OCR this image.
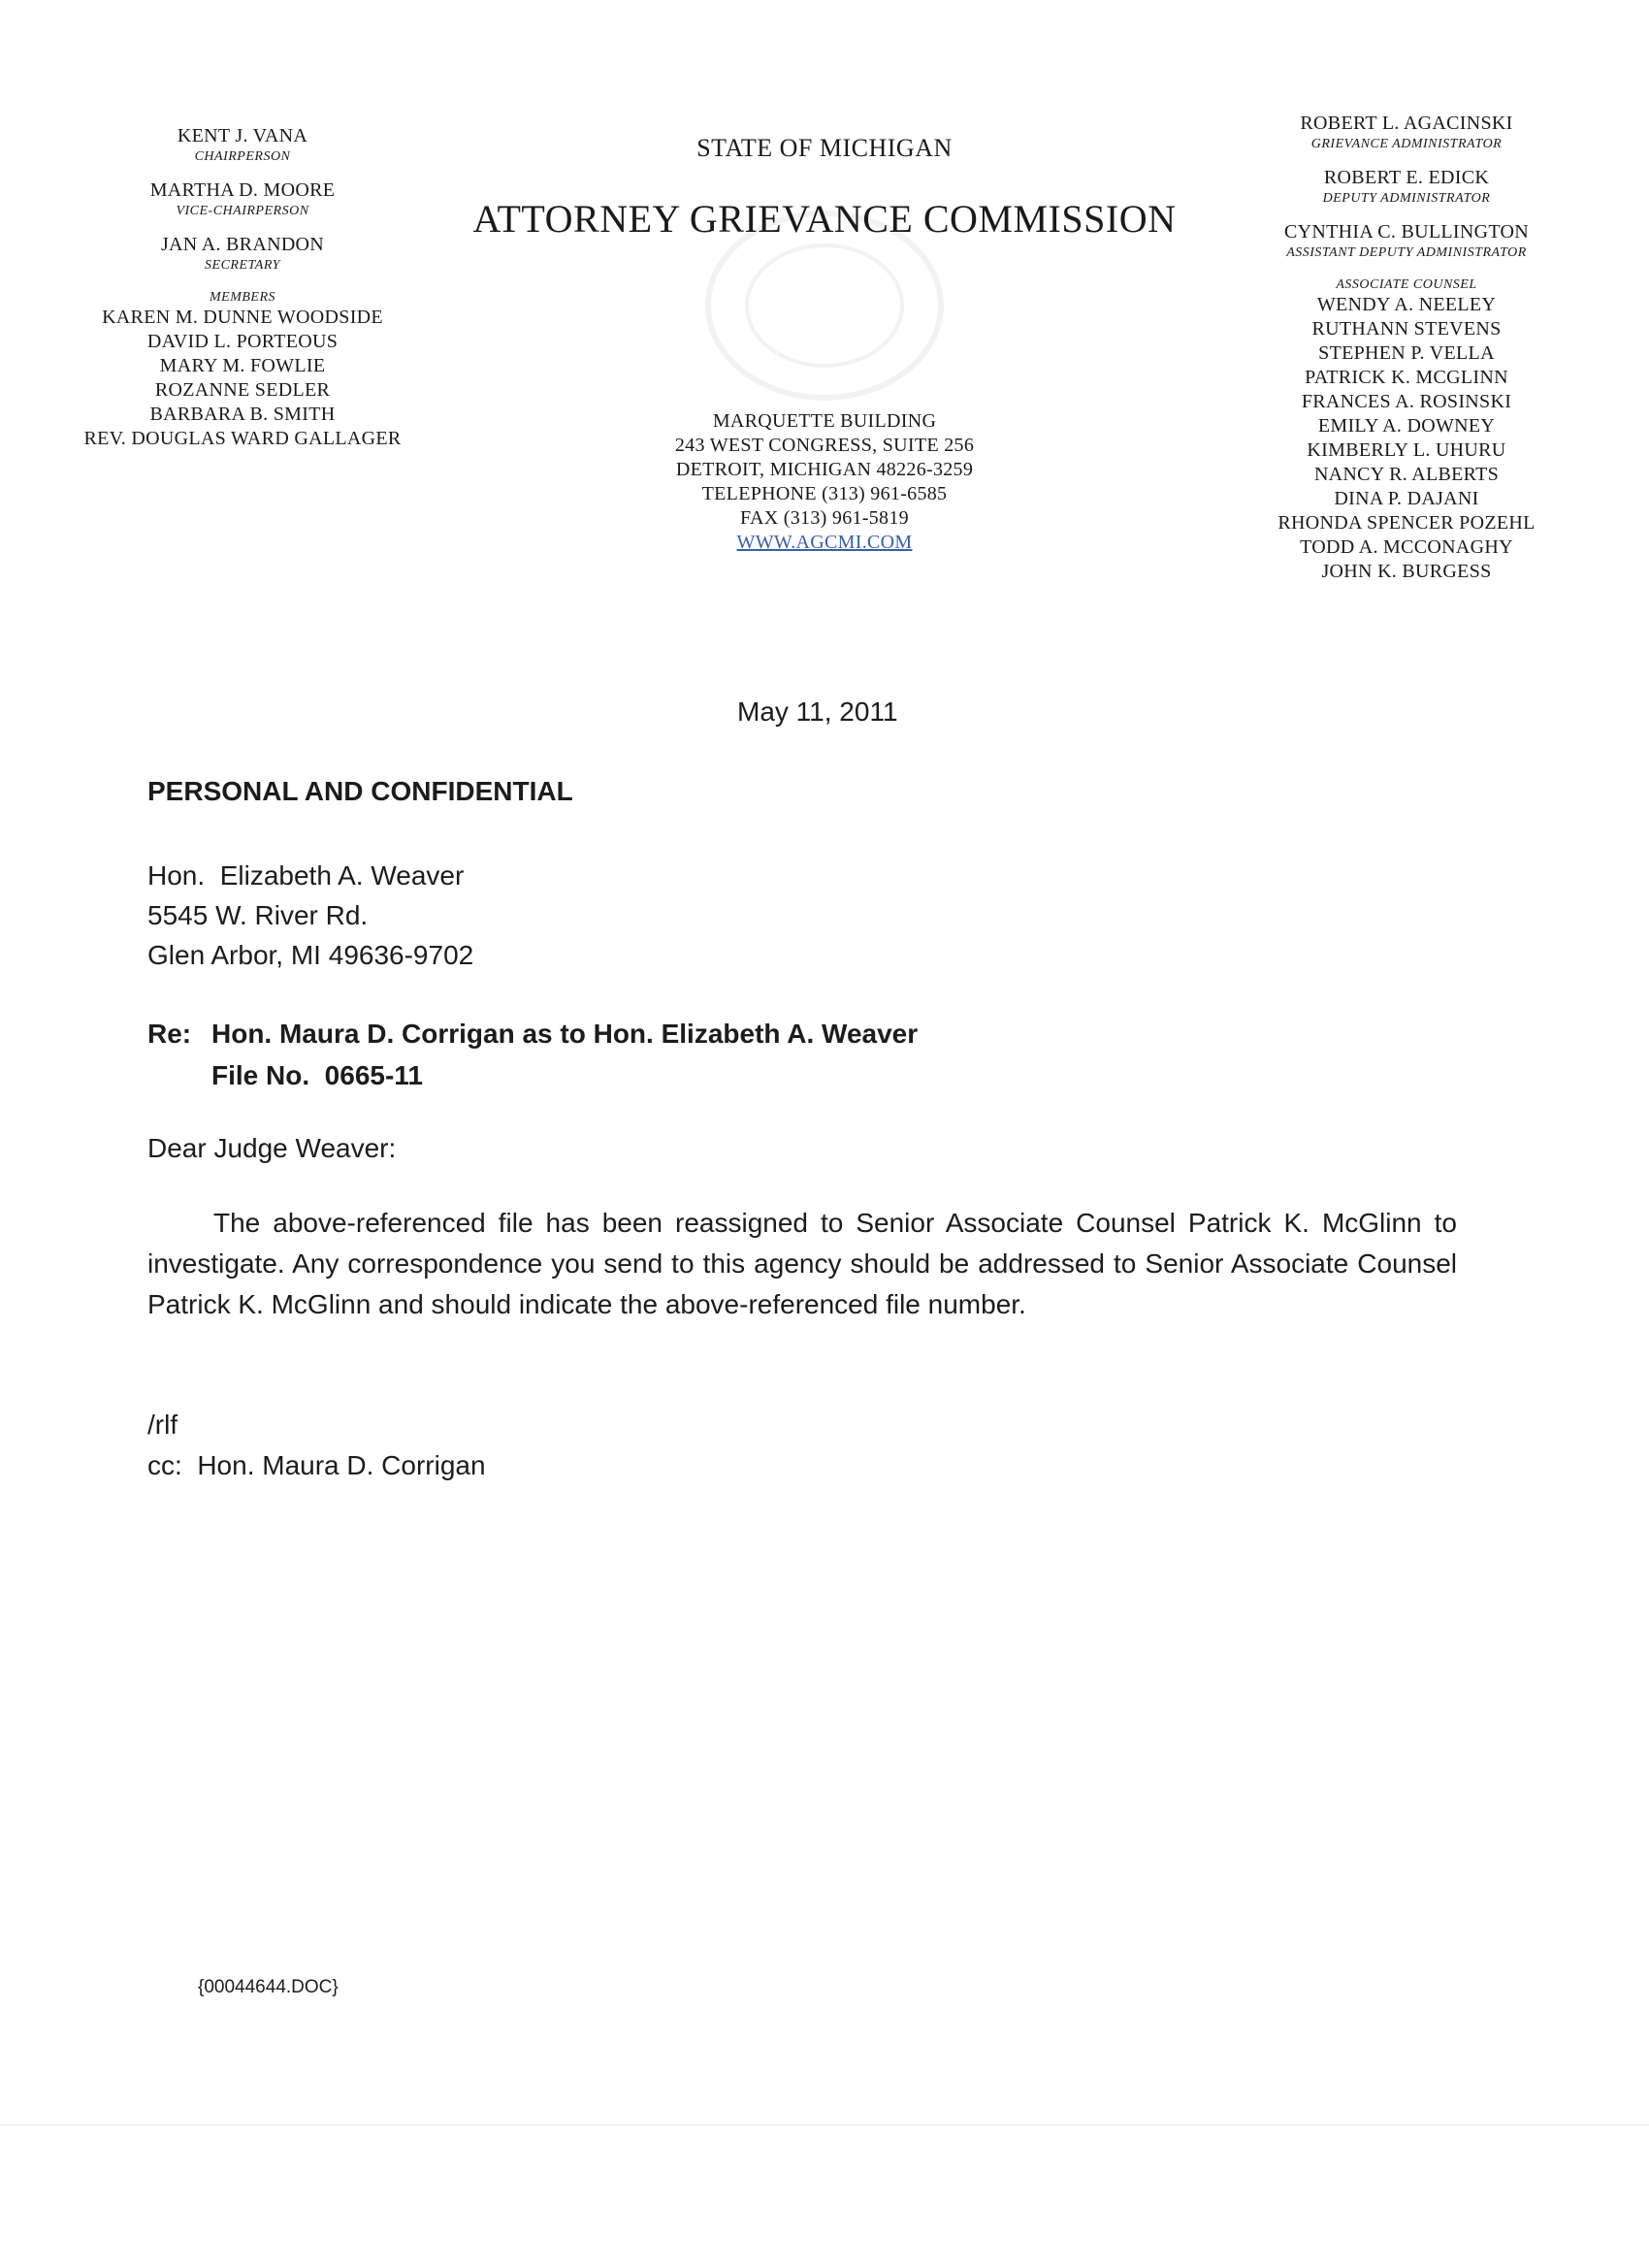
KENT J. VANA
CHAIRPERSON
MARTHA D. MOORE
VICE-CHAIRPERSON
JAN A. BRANDON
SECRETARY
MEMBERS
KAREN M. DUNNE WOODSIDE
DAVID L. PORTEOUS
MARY M. FOWLIE
ROZANNE SEDLER
BARBARA B. SMITH
REV. DOUGLAS WARD GALLAGER
STATE OF MICHIGAN
ATTORNEY GRIEVANCE COMMISSION
MARQUETTE BUILDING
243 WEST CONGRESS, SUITE 256
DETROIT, MICHIGAN 48226-3259
TELEPHONE (313) 961-6585
FAX (313) 961-5819
WWW.AGCMI.COM
ROBERT L. AGACINSKI
GRIEVANCE ADMINISTRATOR
ROBERT E. EDICK
DEPUTY ADMINISTRATOR
CYNTHIA C. BULLINGTON
ASSISTANT DEPUTY ADMINISTRATOR
ASSOCIATE COUNSEL
WENDY A. NEELEY
RUTHANN STEVENS
STEPHEN P. VELLA
PATRICK K. MCGLINN
FRANCES A. ROSINSKI
EMILY A. DOWNEY
KIMBERLY L. UHURU
NANCY R. ALBERTS
DINA P. DAJANI
RHONDA SPENCER POZEHL
TODD A. MCCONAGHY
JOHN K. BURGESS
May 11, 2011
PERSONAL AND CONFIDENTIAL
Hon.  Elizabeth A. Weaver
5545 W. River Rd.
Glen Arbor, MI 49636-9702
Re: Hon. Maura D. Corrigan as to Hon. Elizabeth A. Weaver
File No.  0665-11
Dear Judge Weaver:
The above-referenced file has been reassigned to Senior Associate Counsel Patrick K. McGlinn to investigate. Any correspondence you send to this agency should be addressed to Senior Associate Counsel Patrick K. McGlinn and should indicate the above-referenced file number.
/rlf
cc:  Hon. Maura D. Corrigan
{00044644.DOC}
